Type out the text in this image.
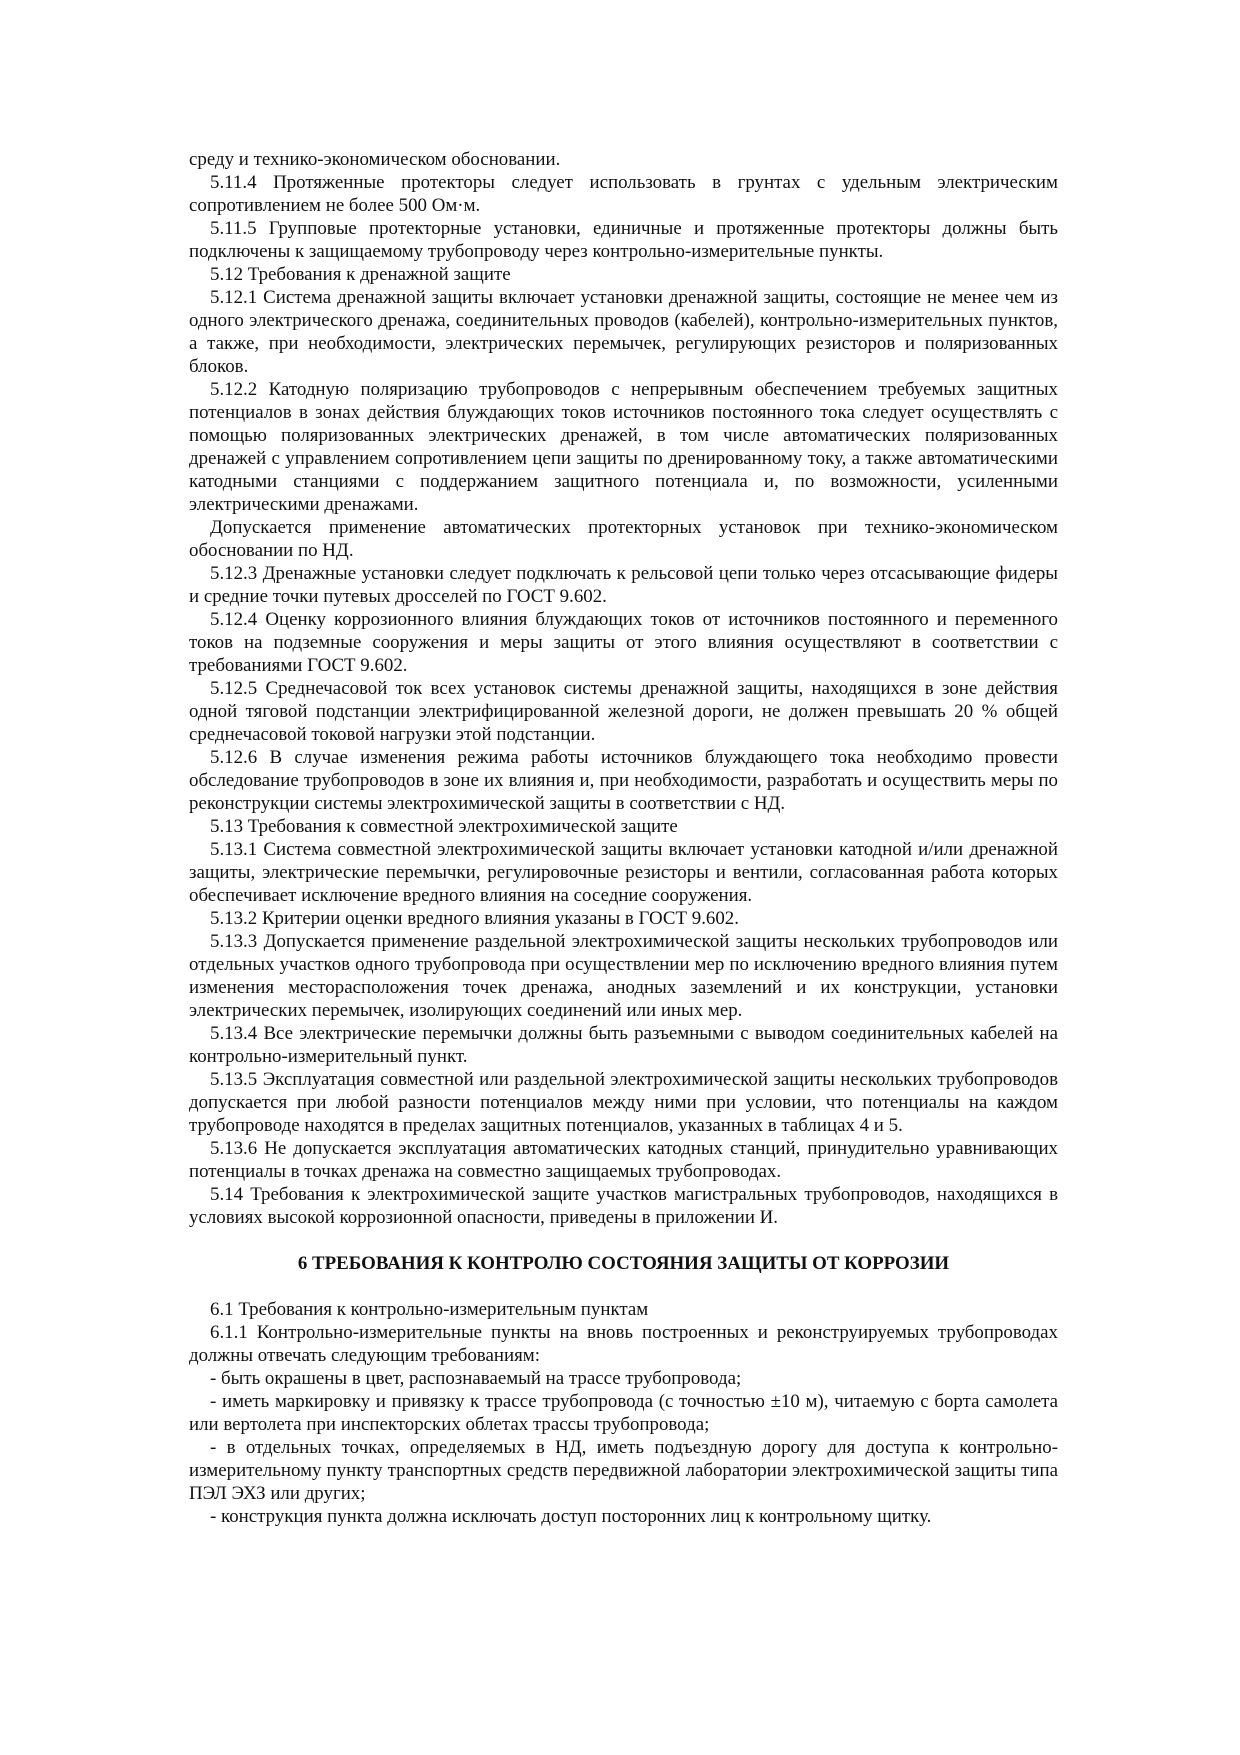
среду и технико-экономическом обосновании.

5.11.4 Протяженные протекторы следует использовать в грунтах с удельным электрическим сопротивлением не более 500 Ом·м.

5.11.5 Групповые протекторные установки, единичные и протяженные протекторы должны быть подключены к защищаемому трубопроводу через контрольно-измерительные пункты.

5.12 Требования к дренажной защите

5.12.1 Система дренажной защиты включает установки дренажной защиты, состоящие не менее чем из одного электрического дренажа, соединительных проводов (кабелей), контрольно-измерительных пунктов, а также, при необходимости, электрических перемычек, регулирующих резисторов и поляризованных блоков.

5.12.2 Катодную поляризацию трубопроводов с непрерывным обеспечением требуемых защитных потенциалов в зонах действия блуждающих токов источников постоянного тока следует осуществлять с помощью поляризованных электрических дренажей, в том числе автоматических поляризованных дренажей с управлением сопротивлением цепи защиты по дренированному току, а также автоматическими катодными станциями с поддержанием защитного потенциала и, по возможности, усиленными электрическими дренажами.

Допускается применение автоматических протекторных установок при технико-экономическом обосновании по НД.

5.12.3 Дренажные установки следует подключать к рельсовой цепи только через отсасывающие фидеры и средние точки путевых дросселей по ГОСТ 9.602.

5.12.4 Оценку коррозионного влияния блуждающих токов от источников постоянного и переменного токов на подземные сооружения и меры защиты от этого влияния осуществляют в соответствии с требованиями ГОСТ 9.602.

5.12.5 Среднечасовой ток всех установок системы дренажной защиты, находящихся в зоне действия одной тяговой подстанции электрифицированной железной дороги, не должен превышать 20 % общей среднечасовой токовой нагрузки этой подстанции.

5.12.6 В случае изменения режима работы источников блуждающего тока необходимо провести обследование трубопроводов в зоне их влияния и, при необходимости, разработать и осуществить меры по реконструкции системы электрохимической защиты в соответствии с НД.

5.13 Требования к совместной электрохимической защите

5.13.1 Система совместной электрохимической защиты включает установки катодной и/или дренажной защиты, электрические перемычки, регулировочные резисторы и вентили, согласованная работа которых обеспечивает исключение вредного влияния на соседние сооружения.

5.13.2 Критерии оценки вредного влияния указаны в ГОСТ 9.602.

5.13.3 Допускается применение раздельной электрохимической защиты нескольких трубопроводов или отдельных участков одного трубопровода при осуществлении мер по исключению вредного влияния путем изменения месторасположения точек дренажа, анодных заземлений и их конструкции, установки электрических перемычек, изолирующих соединений или иных мер.

5.13.4 Все электрические перемычки должны быть разъемными с выводом соединительных кабелей на контрольно-измерительный пункт.

5.13.5 Эксплуатация совместной или раздельной электрохимической защиты нескольких трубопроводов допускается при любой разности потенциалов между ними при условии, что потенциалы на каждом трубопроводе находятся в пределах защитных потенциалов, указанных в таблицах 4 и 5.

5.13.6 Не допускается эксплуатация автоматических катодных станций, принудительно уравнивающих потенциалы в точках дренажа на совместно защищаемых трубопроводах.

5.14 Требования к электрохимической защите участков магистральных трубопроводов, находящихся в условиях высокой коррозионной опасности, приведены в приложении И.

6 ТРЕБОВАНИЯ К КОНТРОЛЮ СОСТОЯНИЯ ЗАЩИТЫ ОТ КОРРОЗИИ

6.1 Требования к контрольно-измерительным пунктам

6.1.1 Контрольно-измерительные пункты на вновь построенных и реконструируемых трубопроводах должны отвечать следующим требованиям:

- быть окрашены в цвет, распознаваемый на трассе трубопровода;

- иметь маркировку и привязку к трассе трубопровода (с точностью ±10 м), читаемую с борта самолета или вертолета при инспекторских облетах трассы трубопровода;

- в отдельных точках, определяемых в НД, иметь подъездную дорогу для доступа к контрольно-измерительному пункту транспортных средств передвижной лаборатории электрохимической защиты типа ПЭЛ ЭХЗ или других;

- конструкция пункта должна исключать доступ посторонних лиц к контрольному щитку.
